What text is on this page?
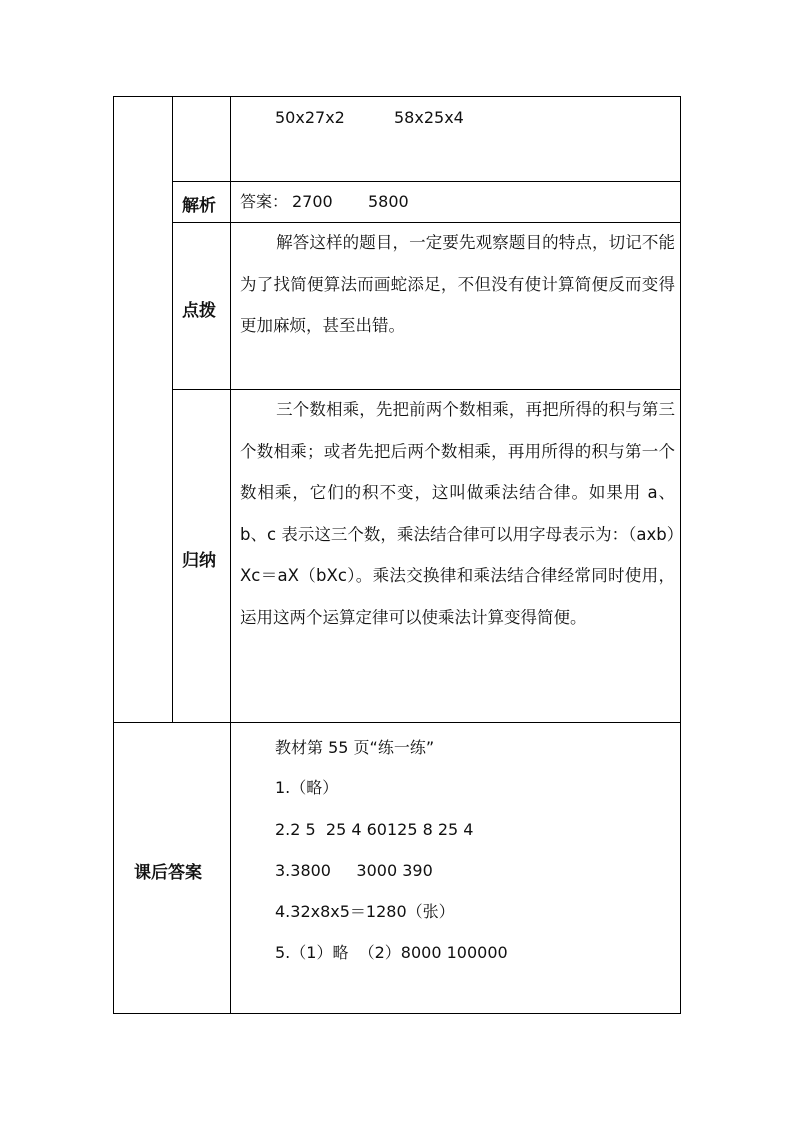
50x27x2	58x25x4
解析 答案： 2700 5800
点拨
解答这样的题目，一定要先观察题目的特点，切记不能为了找简便算法而画蛇添足，不但没有使计算简便反而变得更加麻烦，甚至出错。
归纳
三个数相乘，先把前两个数相乘，再把所得的积与第三个数相乘；或者先把后两个数相乘，再用所得的积与第一个数相乘，它们的积不变，这叫做乘法结合律。如果用 a、b、c 表示这三个数，乘法结合律可以用字母表示为：（axb）Xc＝aX（bXc）。乘法交换律和乘法结合律经常同时使用，运用这两个运算定律可以使乘法计算变得简便。
课后答案
教材第 55 页“练一练”
1.（略）
2.2 5  25 4 60125 8 25 4
3.3800     3000 390
4.32x8x5＝1280（张）
5.（1）略  （2）8000 100000
